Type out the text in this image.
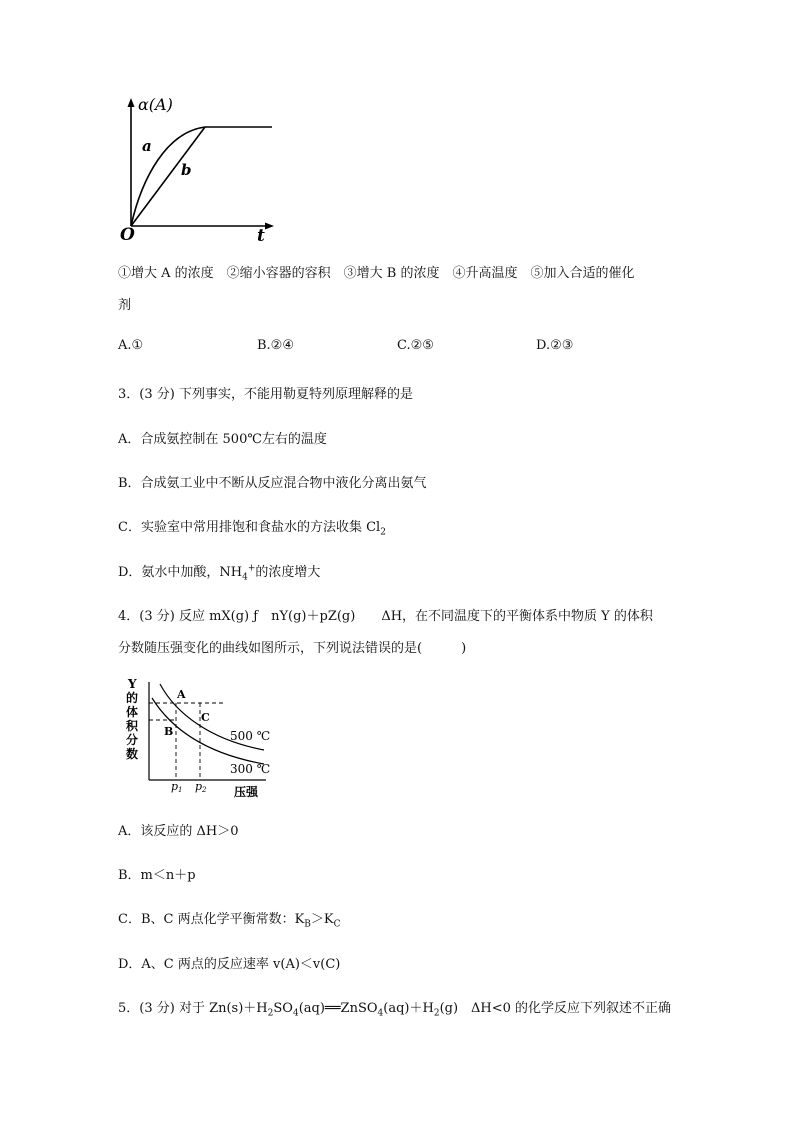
α(A)
t
O
a
b
①增大 A 的浓度　②缩小容器的容积　③增大 B 的浓度　④升高温度　⑤加入合适的催化
剂
A.①	B.②④	C.②⑤	D.②③
3．(3 分) 下列事实，不能用勒夏特列原理解释的是
A．合成氨控制在 500℃左右的温度
B．合成氨工业中不断从反应混合物中液化分离出氨气
C．实验室中常用排饱和食盐水的方法收集 $Cl_2$
D．氨水中加酸，$NH_4^+$的浓度增大
4．(3 分) 反应 mX(g) ƒ　nY(g)＋pZ(g)　　ΔH，在不同温度下的平衡体系中物质 Y 的体积
分数随压强变化的曲线如图所示，下列说法错误的是(　　　)
Y
的
体
积
分
数
A
B
C
500 ℃
300 ℃
p1 p2 压强
A．该反应的 ΔH＞0
B．m＜n＋p
C．B、C 两点化学平衡常数：$K_B>K_C$
D．A、C 两点的反应速率 v(A)＜v(C)
5．(3 分) 对于 $Zn(s)+H_2SO_4(aq)══ZnSO_4(aq)+H_2(g)$　ΔH<0 的化学反应下列叙述不正确
